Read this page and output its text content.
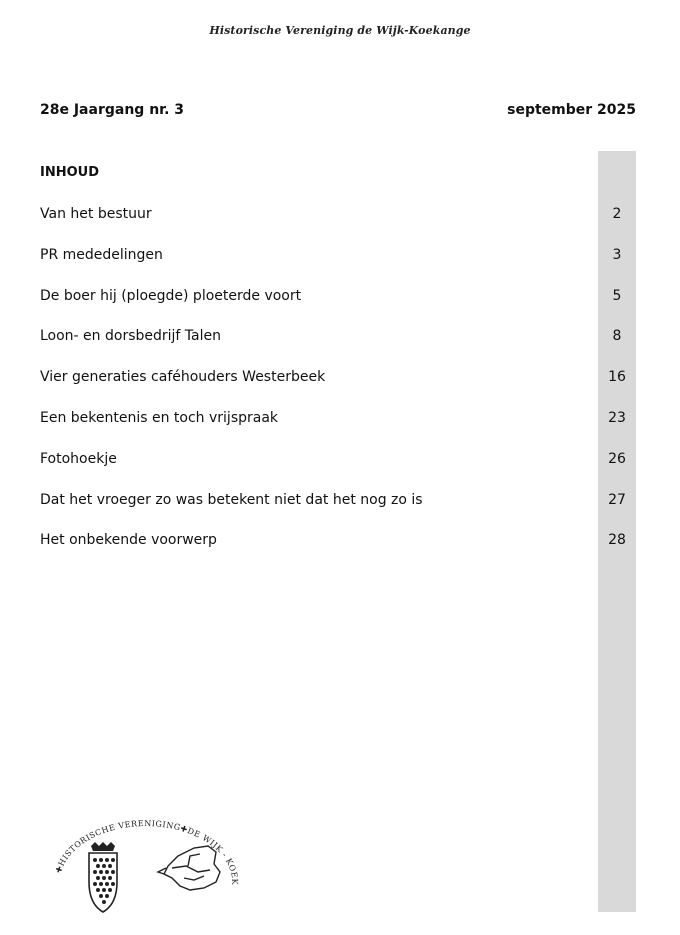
Historische Vereniging de Wijk-Koekange
28e Jaargang nr. 3	september 2025
INHOUD
Van het bestuur	2
PR mededelingen	3
De boer hij (ploegde) ploeterde voort	5
Loon- en dorsbedrijf Talen	8
Vier generaties caféhouders Westerbeek	16
Een bekentenis en toch vrijspraak	23
Fotohoekje	26
Dat het vroeger zo was betekent niet dat het nog zo is	27
Het onbekende voorwerp	28
✚HISTORISCHE VERENIGING✚DE WIJK - KOEK
